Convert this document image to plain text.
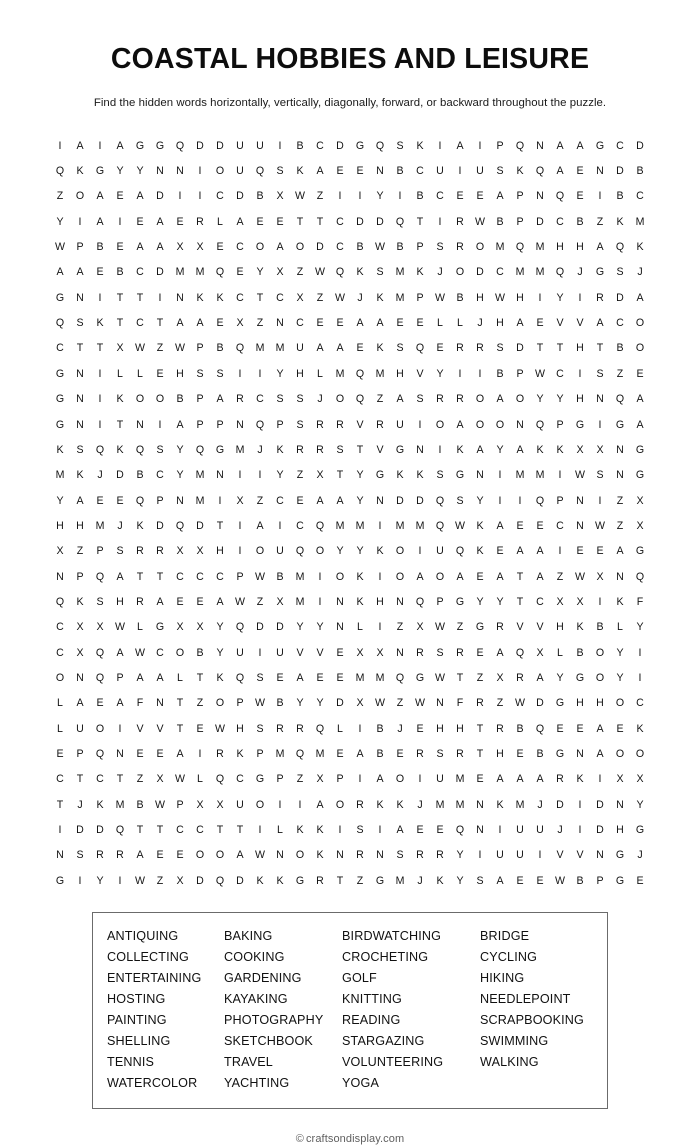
COASTAL HOBBIES AND LEISURE

Find the hidden words horizontally, vertically, diagonally, forward, or backward throughout the puzzle.

I	A	I	A	G	G	Q	D	D	U	U	I	B	C	D	G	Q	S	K	I	A	I	P	Q	N	A	A	G	C	D
Q	K	G	Y	Y	N	N	I	O	U	Q	S	K	A	E	E	N	B	C	U	I	U	S	K	Q	A	E	N	D	B
Z	O	A	E	A	D	I	I	C	D	B	X	W	Z	I	I	Y	I	B	C	E	E	A	P	N	Q	E	I	B	C
Y	I	A	I	E	A	E	R	L	A	E	E	T	T	C	D	D	Q	T	I	R	W	B	P	D	C	B	Z	K	M
W	P	B	E	A	A	X	X	E	C	O	A	O	D	C	B	W	B	P	S	R	O	M	Q	M	H	H	A	Q	K
A	A	E	B	C	D	M	M	Q	E	Y	X	Z	W	Q	K	S	M	K	J	O	D	C	M	M	Q	J	G	S	J
G	N	I	T	T	I	N	K	K	C	T	C	X	Z	W	J	K	M	P	W	B	H	W	H	I	Y	I	R	D	A
Q	S	K	T	C	T	A	A	E	X	Z	N	C	E	E	A	A	E	E	L	L	J	H	A	E	V	V	A	C	O
C	T	T	X	W	Z	W	P	B	Q	M	M	U	A	A	E	K	S	Q	E	R	R	S	D	T	T	H	T	B	O
G	N	I	L	L	E	H	S	S	I	I	Y	H	L	M	Q	M	H	V	Y	I	I	B	P	W	C	I	S	Z	E
G	N	I	K	O	O	B	P	A	R	C	S	S	J	O	Q	Z	A	S	R	R	O	A	O	Y	Y	H	N	Q	A
G	N	I	T	N	I	A	P	P	N	Q	P	S	R	R	V	R	U	I	O	A	O	O	N	Q	P	G	I	G	A
K	S	Q	K	Q	S	Y	Q	G	M	J	K	R	R	S	T	V	G	N	I	K	A	Y	A	K	K	X	X	N	G
M	K	J	D	B	C	Y	M	N	I	I	Y	Z	X	T	Y	G	K	K	S	G	N	I	M	M	I	W	S	N	G
Y	A	E	E	Q	P	N	M	I	X	Z	C	E	A	A	Y	N	D	D	Q	S	Y	I	I	Q	P	N	I	Z	X
H	H	M	J	K	D	Q	D	T	I	A	I	C	Q	M	M	I	M	M	Q	W	K	A	E	E	C	N	W	Z	X
X	Z	P	S	R	R	X	X	H	I	O	U	Q	O	Y	Y	K	O	I	U	Q	K	E	A	A	I	E	E	A	G
N	P	Q	A	T	T	C	C	C	P	W	B	M	I	O	K	I	O	A	O	A	E	A	T	A	Z	W	X	N	Q
Q	K	S	H	R	A	E	E	A	W	Z	X	M	I	N	K	H	N	Q	P	G	Y	Y	T	C	X	X	I	K	F
C	X	X	W	L	G	X	X	Y	Q	D	D	Y	Y	N	L	I	Z	X	W	Z	G	R	V	V	H	K	B	L	Y
C	X	Q	A	W	C	O	B	Y	U	I	U	V	V	E	X	X	N	R	S	R	E	A	Q	X	L	B	O	Y	I
O	N	Q	P	A	A	L	T	K	Q	S	E	A	E	E	M	M	Q	G	W	T	Z	X	R	A	Y	G	O	Y	I
L	A	E	A	F	N	T	Z	O	P	W	B	Y	Y	D	X	W	Z	W	N	F	R	Z	W	D	G	H	H	O	C
L	U	O	I	V	V	T	E	W	H	S	R	R	Q	L	I	B	J	E	H	H	T	R	B	Q	E	E	A	E	K
E	P	Q	N	E	E	A	I	R	K	P	M	Q	M	E	A	B	E	R	S	R	T	H	E	B	G	N	A	O	O
C	T	C	T	Z	X	W	L	Q	C	G	P	Z	X	P	I	A	O	I	U	M	E	A	A	A	R	K	I	X	X
T	J	K	M	B	W	P	X	X	U	O	I	I	A	O	R	K	K	J	M	M	N	K	M	J	D	I	D	N	Y
I	D	D	Q	T	T	C	C	T	T	I	L	K	K	I	S	I	A	E	E	Q	N	I	U	U	J	I	D	H	G
N	S	R	R	A	E	E	O	O	A	W	N	O	K	N	R	N	S	R	R	Y	I	U	U	I	V	V	N	G	J
G	I	Y	I	W	Z	X	D	Q	D	K	K	G	R	T	Z	G	M	J	K	Y	S	A	E	E	W	B	P	G	E
ANTIQUING	BAKING	BIRDWATCHING	BRIDGE
COLLECTING	COOKING	CROCHETING	CYCLING
ENTERTAINING	GARDENING	GOLF	HIKING
HOSTING	KAYAKING	KNITTING	NEEDLEPOINT
PAINTING	PHOTOGRAPHY	READING	SCRAPBOOKING
SHELLING	SKETCHBOOK	STARGAZING	SWIMMING
TENNIS	TRAVEL	VOLUNTEERING	WALKING
WATERCOLOR	YACHTING	YOGA
© craftsondisplay.com
